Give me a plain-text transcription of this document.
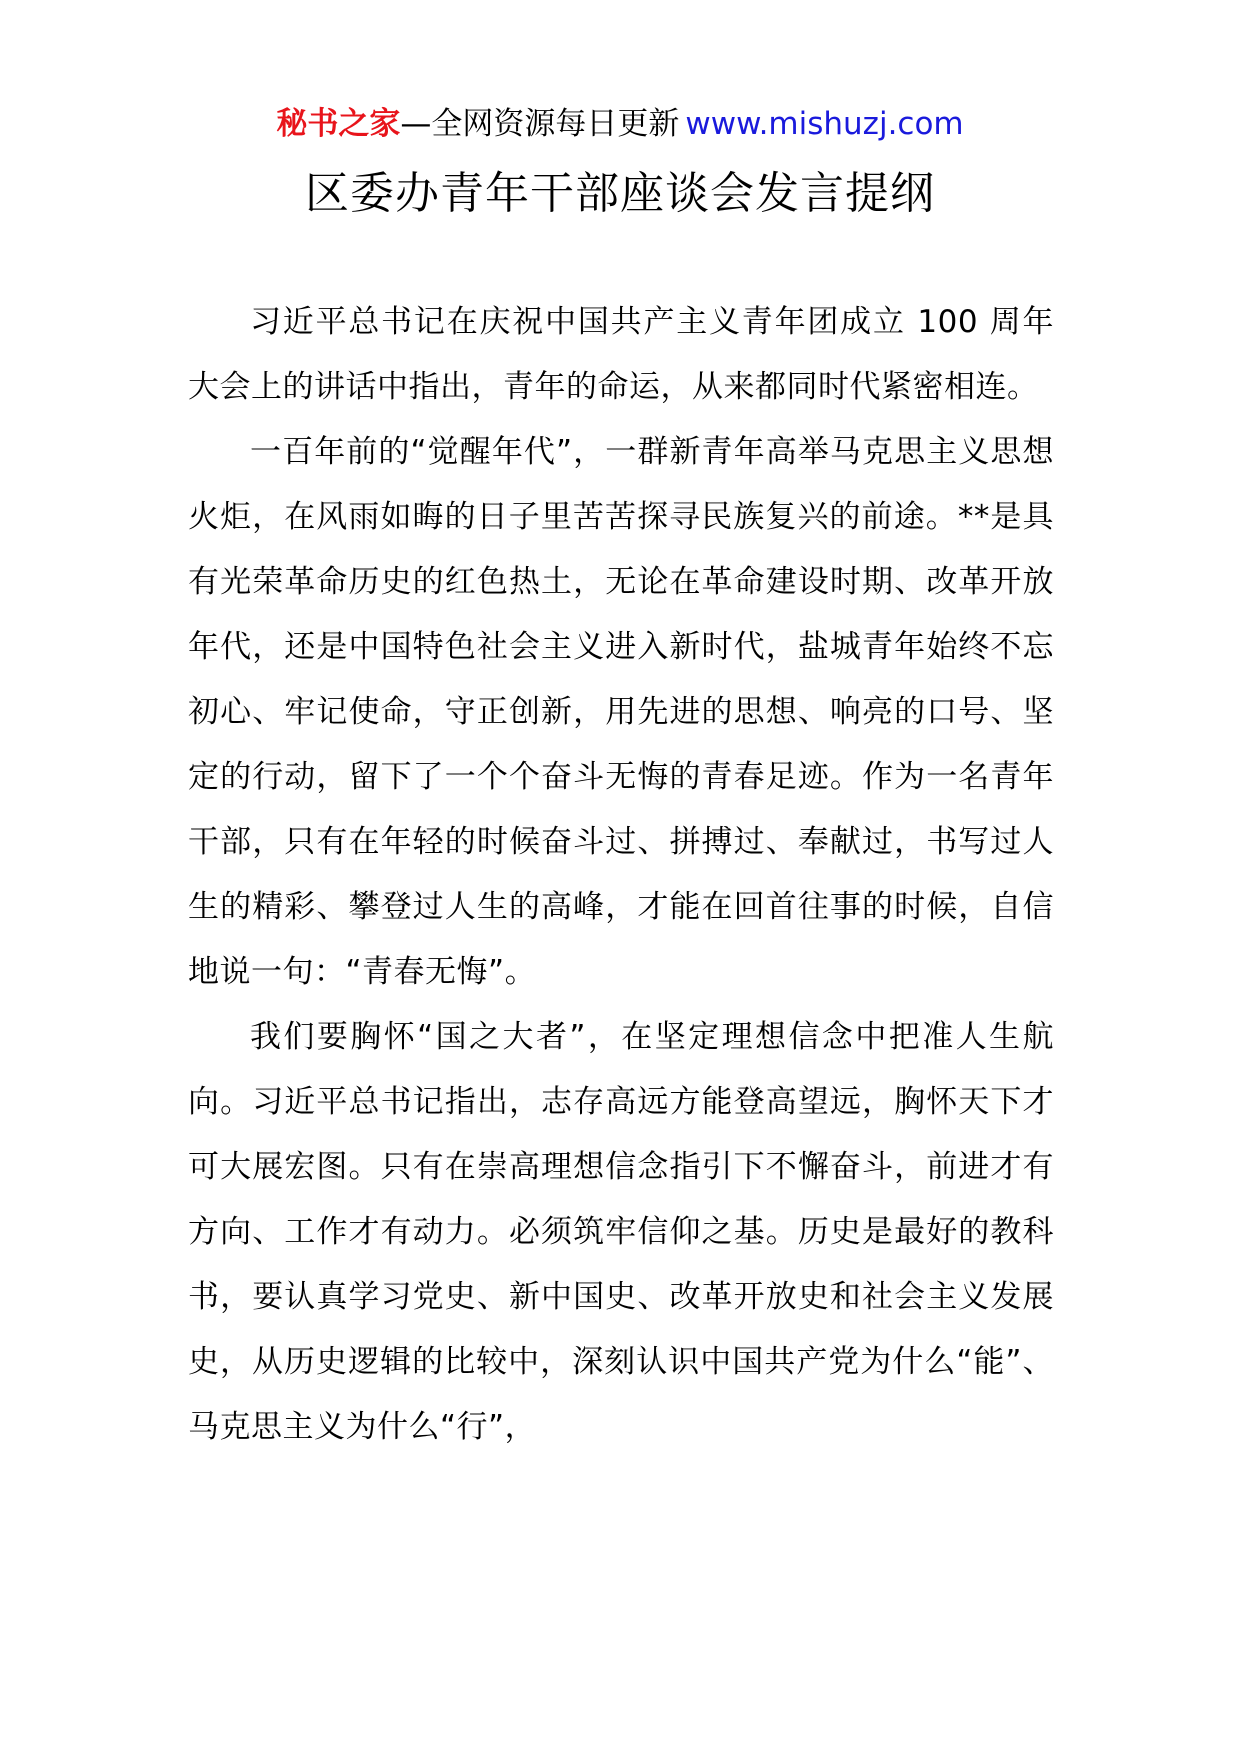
秘书之家—全网资源每日更新 www.mishuzj.com
区委办青年干部座谈会发言提纲

习近平总书记在庆祝中国共产主义青年团成立 100 周年大会上的讲话中指出，青年的命运，从来都同时代紧密相连。

一百年前的“觉醒年代”，一群新青年高举马克思主义思想火炬，在风雨如晦的日子里苦苦探寻民族复兴的前途。**是具有光荣革命历史的红色热土，无论在革命建设时期、改革开放年代，还是中国特色社会主义进入新时代，盐城青年始终不忘初心、牢记使命，守正创新，用先进的思想、响亮的口号、坚定的行动，留下了一个个奋斗无悔的青春足迹。作为一名青年干部，只有在年轻的时候奋斗过、拼搏过、奉献过，书写过人生的精彩、攀登过人生的高峰，才能在回首往事的时候，自信地说一句：“青春无悔”。

我们要胸怀“国之大者”，在坚定理想信念中把准人生航向。习近平总书记指出，志存高远方能登高望远，胸怀天下才可大展宏图。只有在崇高理想信念指引下不懈奋斗，前进才有方向、工作才有动力。必须筑牢信仰之基。历史是最好的教科书，要认真学习党史、新中国史、改革开放史和社会主义发展史，从历史逻辑的比较中，深刻认识中国共产党为什么“能”、马克思主义为什么“行”，
